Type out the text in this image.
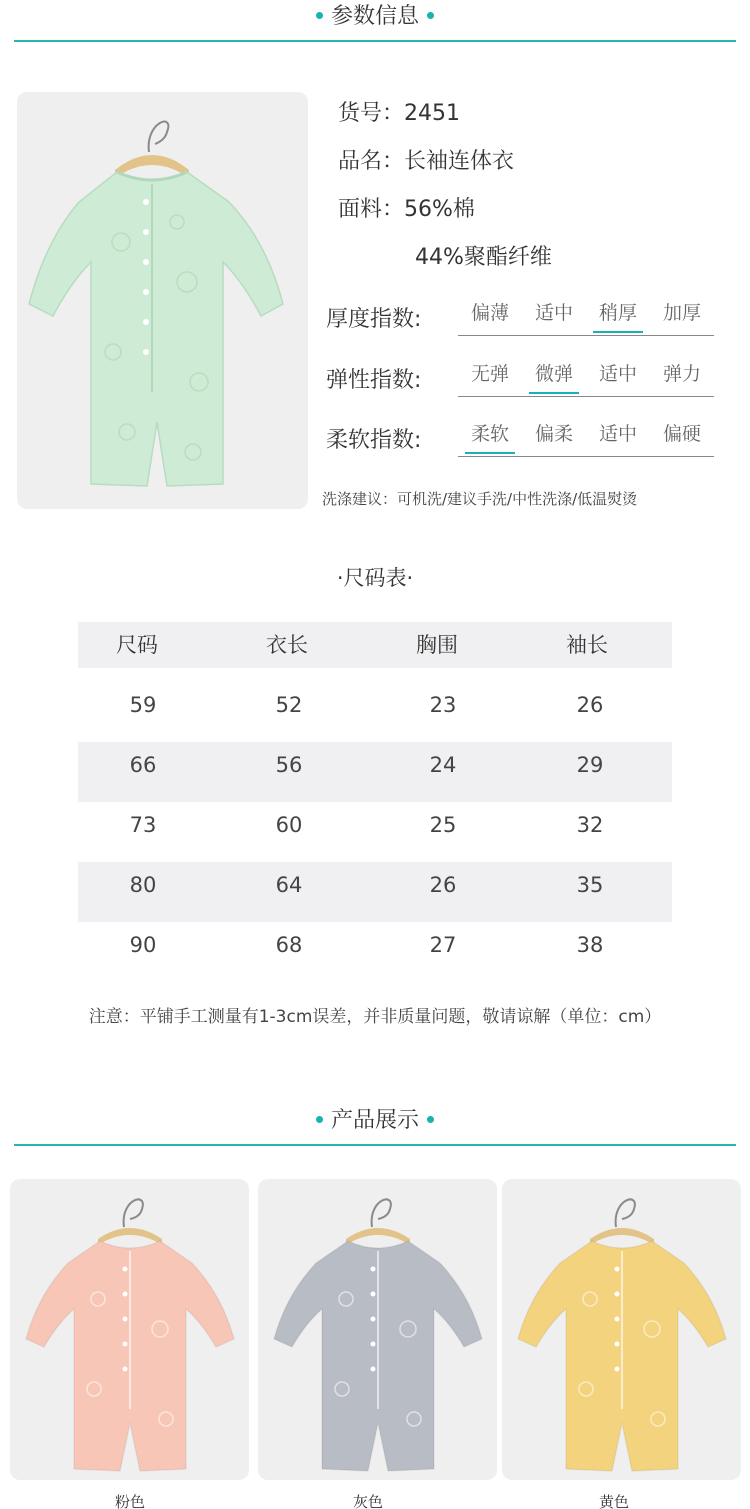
参数信息
货号：2451
品名：长袖连体衣
面料：56%棉
44%聚酯纤维
厚度指数:	偏薄	适中	稍厚	加厚
弹性指数:	无弹	微弹	适中	弹力
柔软指数:	柔软	偏柔	适中	偏硬
洗涤建议：可机洗/建议手洗/中性洗涤/低温熨烫
·尺码表·
尺码	衣长	胸围	袖长
59	52	23	26
66	56	24	29
73	60	25	32
80	64	26	35
90	68	27	38
注意：平铺手工测量有1-3cm误差，并非质量问题，敬请谅解（单位：cm）
产品展示
粉色	灰色	黄色
